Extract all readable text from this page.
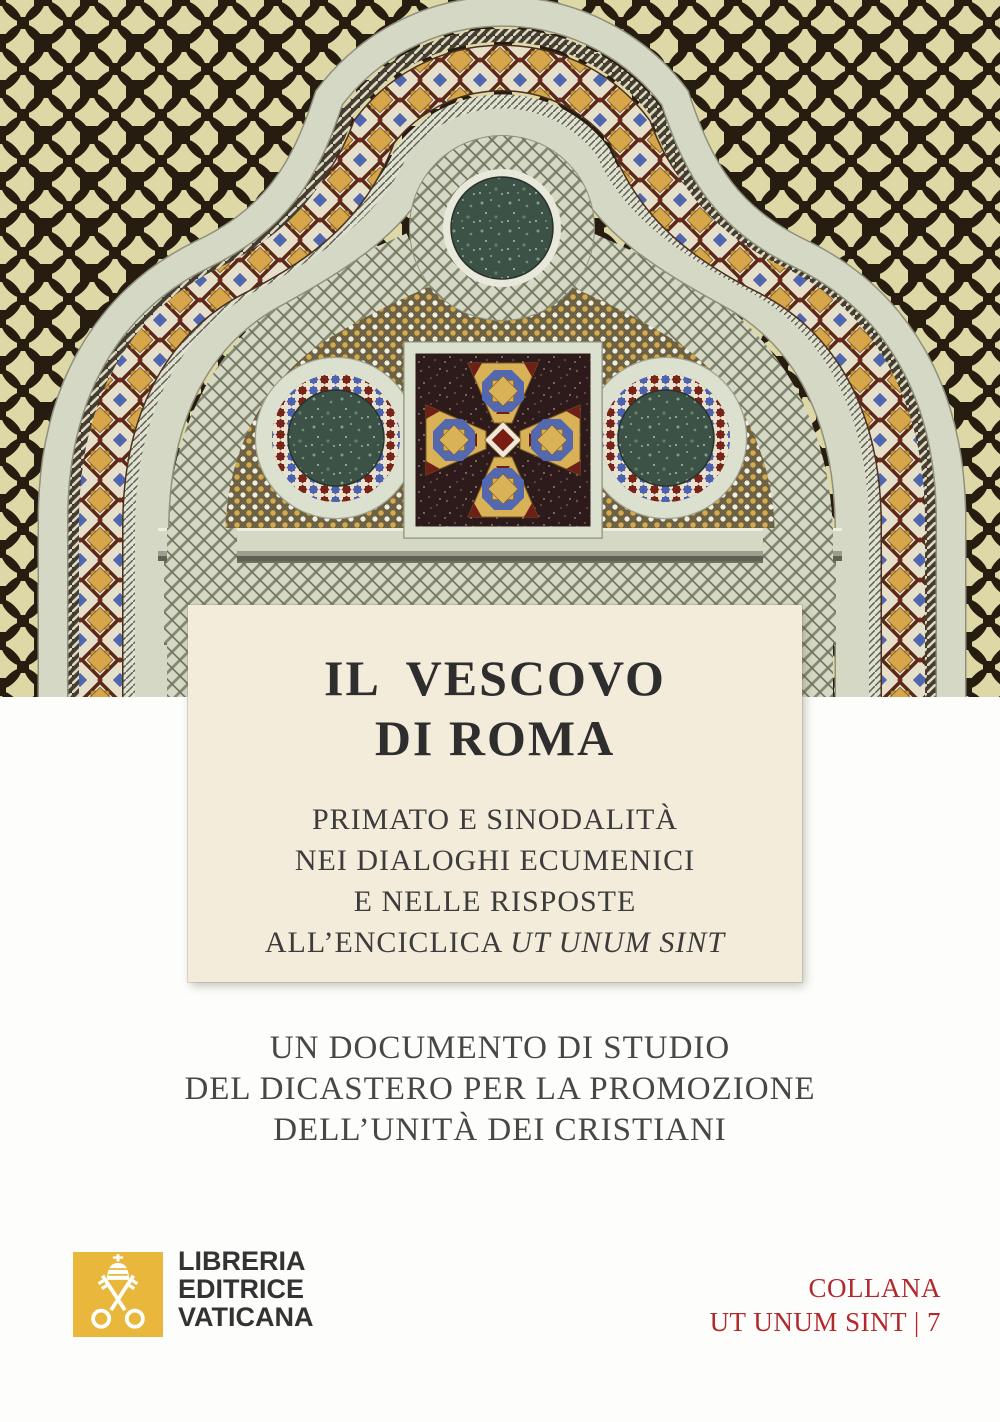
IL VESCOVO
DI ROMA
PRIMATO E SINODALITÀ
NEI DIALOGHI ECUMENICI
E NELLE RISPOSTE
ALL’ENCICLICA UT UNUM SINT
UN DOCUMENTO DI STUDIO
DEL DICASTERO PER LA PROMOZIONE
DELL’UNITÀ DEI CRISTIANI
LIBRERIA
EDITRICE
VATICANA
COLLANA
UT UNUM SINT | 7
